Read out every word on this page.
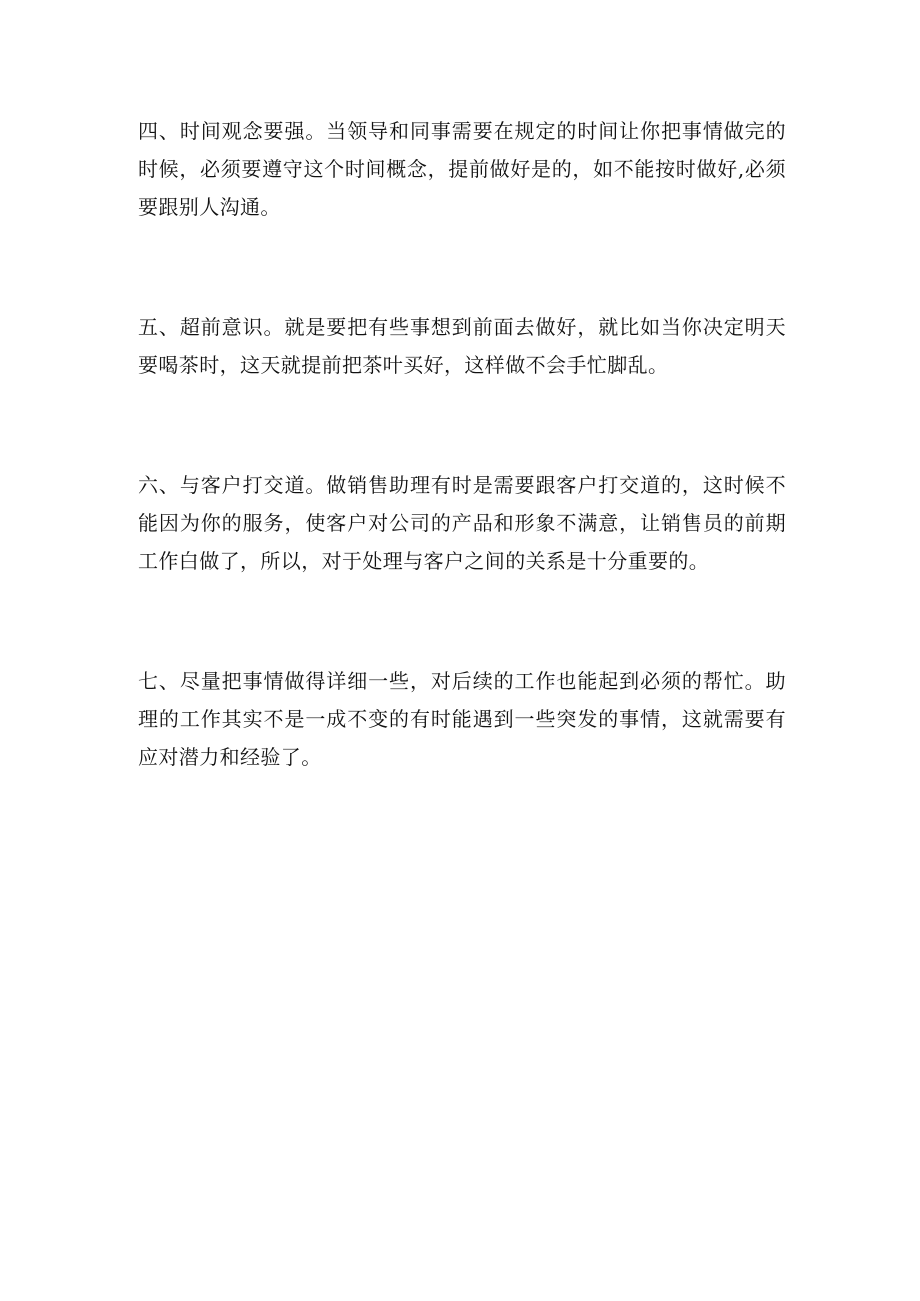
四、时间观念要强。当领导和同事需要在规定的时间让你把事情做完的时候，必须要遵守这个时间概念，提前做好是的，如不能按时做好,必须要跟别人沟通。

五、超前意识。就是要把有些事想到前面去做好，就比如当你决定明天要喝茶时，这天就提前把茶叶买好，这样做不会手忙脚乱。

六、与客户打交道。做销售助理有时是需要跟客户打交道的，这时候不能因为你的服务，使客户对公司的产品和形象不满意，让销售员的前期工作白做了，所以，对于处理与客户之间的关系是十分重要的。

七、尽量把事情做得详细一些，对后续的工作也能起到必须的帮忙。助理的工作其实不是一成不变的有时能遇到一些突发的事情，这就需要有应对潜力和经验了。
